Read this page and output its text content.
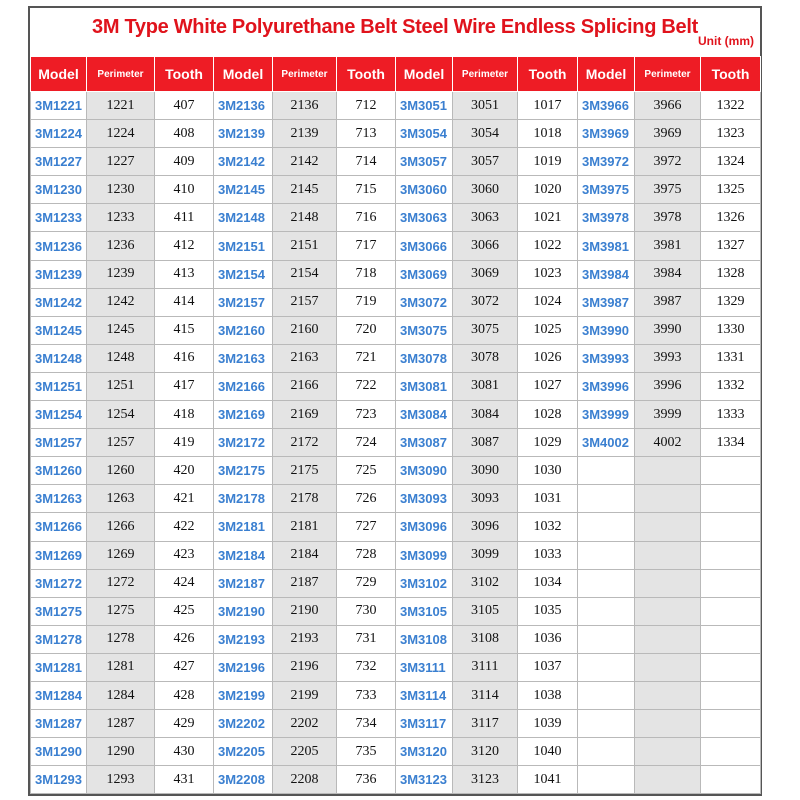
3M Type White Polyurethane Belt Steel Wire Endless Splicing Belt
Unit (mm)
Model	Perimeter	Tooth	Model	Perimeter	Tooth	Model	Perimeter	Tooth	Model	Perimeter	Tooth
3M1221	1221	407	3M2136	2136	712	3M3051	3051	1017	3M3966	3966	1322
3M1224	1224	408	3M2139	2139	713	3M3054	3054	1018	3M3969	3969	1323
3M1227	1227	409	3M2142	2142	714	3M3057	3057	1019	3M3972	3972	1324
3M1230	1230	410	3M2145	2145	715	3M3060	3060	1020	3M3975	3975	1325
3M1233	1233	411	3M2148	2148	716	3M3063	3063	1021	3M3978	3978	1326
3M1236	1236	412	3M2151	2151	717	3M3066	3066	1022	3M3981	3981	1327
3M1239	1239	413	3M2154	2154	718	3M3069	3069	1023	3M3984	3984	1328
3M1242	1242	414	3M2157	2157	719	3M3072	3072	1024	3M3987	3987	1329
3M1245	1245	415	3M2160	2160	720	3M3075	3075	1025	3M3990	3990	1330
3M1248	1248	416	3M2163	2163	721	3M3078	3078	1026	3M3993	3993	1331
3M1251	1251	417	3M2166	2166	722	3M3081	3081	1027	3M3996	3996	1332
3M1254	1254	418	3M2169	2169	723	3M3084	3084	1028	3M3999	3999	1333
3M1257	1257	419	3M2172	2172	724	3M3087	3087	1029	3M4002	4002	1334
3M1260	1260	420	3M2175	2175	725	3M3090	3090	1030			
3M1263	1263	421	3M2178	2178	726	3M3093	3093	1031			
3M1266	1266	422	3M2181	2181	727	3M3096	3096	1032			
3M1269	1269	423	3M2184	2184	728	3M3099	3099	1033			
3M1272	1272	424	3M2187	2187	729	3M3102	3102	1034			
3M1275	1275	425	3M2190	2190	730	3M3105	3105	1035			
3M1278	1278	426	3M2193	2193	731	3M3108	3108	1036			
3M1281	1281	427	3M2196	2196	732	3M3111	3111	1037			
3M1284	1284	428	3M2199	2199	733	3M3114	3114	1038			
3M1287	1287	429	3M2202	2202	734	3M3117	3117	1039			
3M1290	1290	430	3M2205	2205	735	3M3120	3120	1040			
3M1293	1293	431	3M2208	2208	736	3M3123	3123	1041			
